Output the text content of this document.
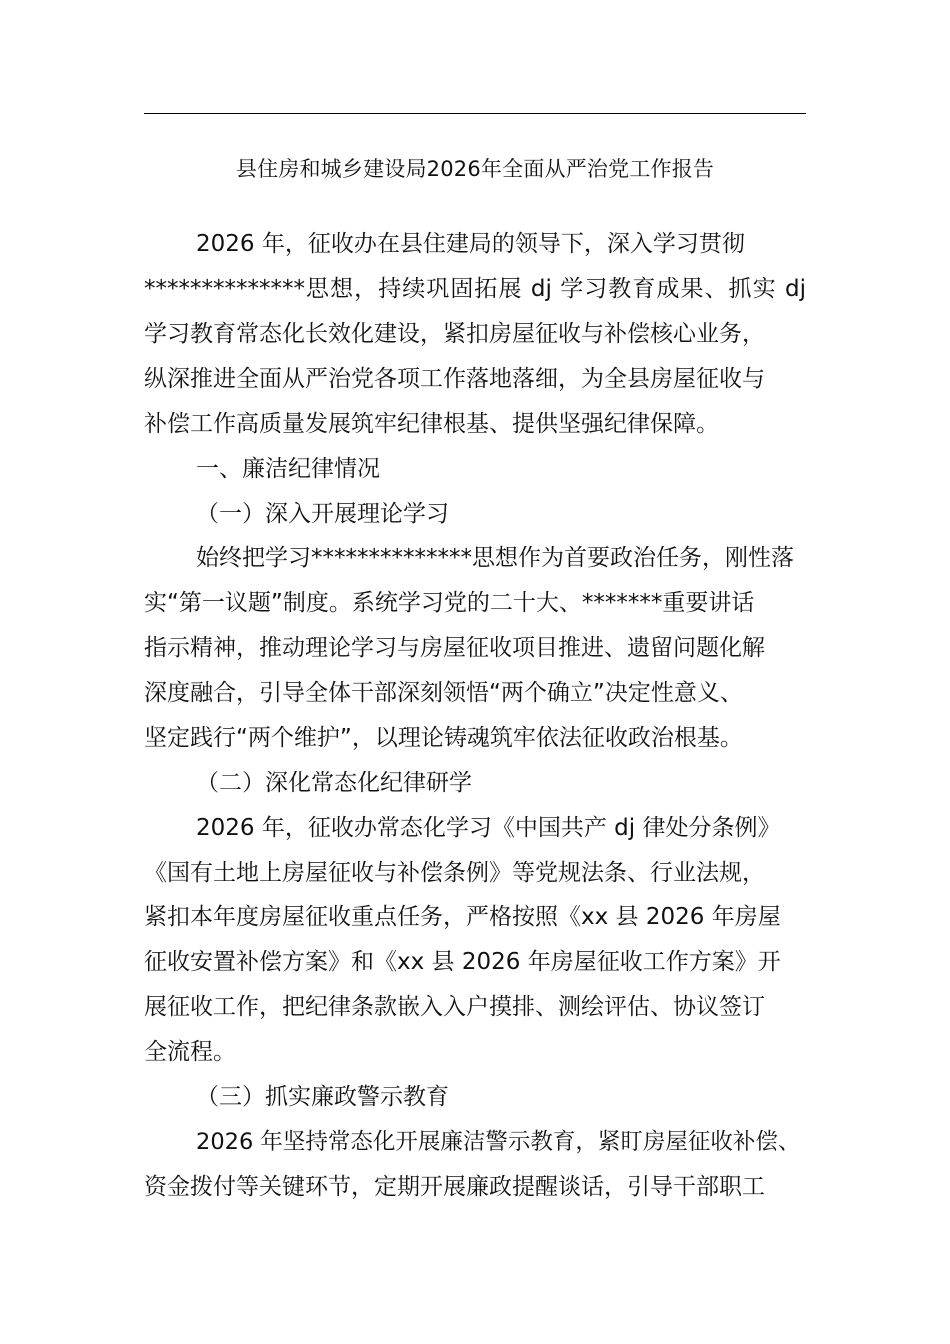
县住房和城乡建设局2026年全面从严治党工作报告
2026 年，征收办在县住建局的领导下，深入学习贯彻
**************思想，持续巩固拓展 dj 学习教育成果、抓实 dj
学习教育常态化长效化建设，紧扣房屋征收与补偿核心业务，
纵深推进全面从严治党各项工作落地落细，为全县房屋征收与
补偿工作高质量发展筑牢纪律根基、提供坚强纪律保障。
一、廉洁纪律情况
（一）深入开展理论学习
始终把学习**************思想作为首要政治任务，刚性落
实“第一议题”制度。系统学习党的二十大、*******重要讲话
指示精神，推动理论学习与房屋征收项目推进、遗留问题化解
深度融合，引导全体干部深刻领悟“两个确立”决定性意义、
坚定践行“两个维护”，以理论铸魂筑牢依法征收政治根基。
（二）深化常态化纪律研学
2026 年，征收办常态化学习《中国共产 dj 律处分条例》
《国有土地上房屋征收与补偿条例》等党规法条、行业法规，
紧扣本年度房屋征收重点任务，严格按照《xx 县 2026 年房屋
征收安置补偿方案》和《xx 县 2026 年房屋征收工作方案》开
展征收工作，把纪律条款嵌入入户摸排、测绘评估、协议签订
全流程。
（三）抓实廉政警示教育
2026 年坚持常态化开展廉洁警示教育，紧盯房屋征收补偿、
资金拨付等关键环节，定期开展廉政提醒谈话，引导干部职工
